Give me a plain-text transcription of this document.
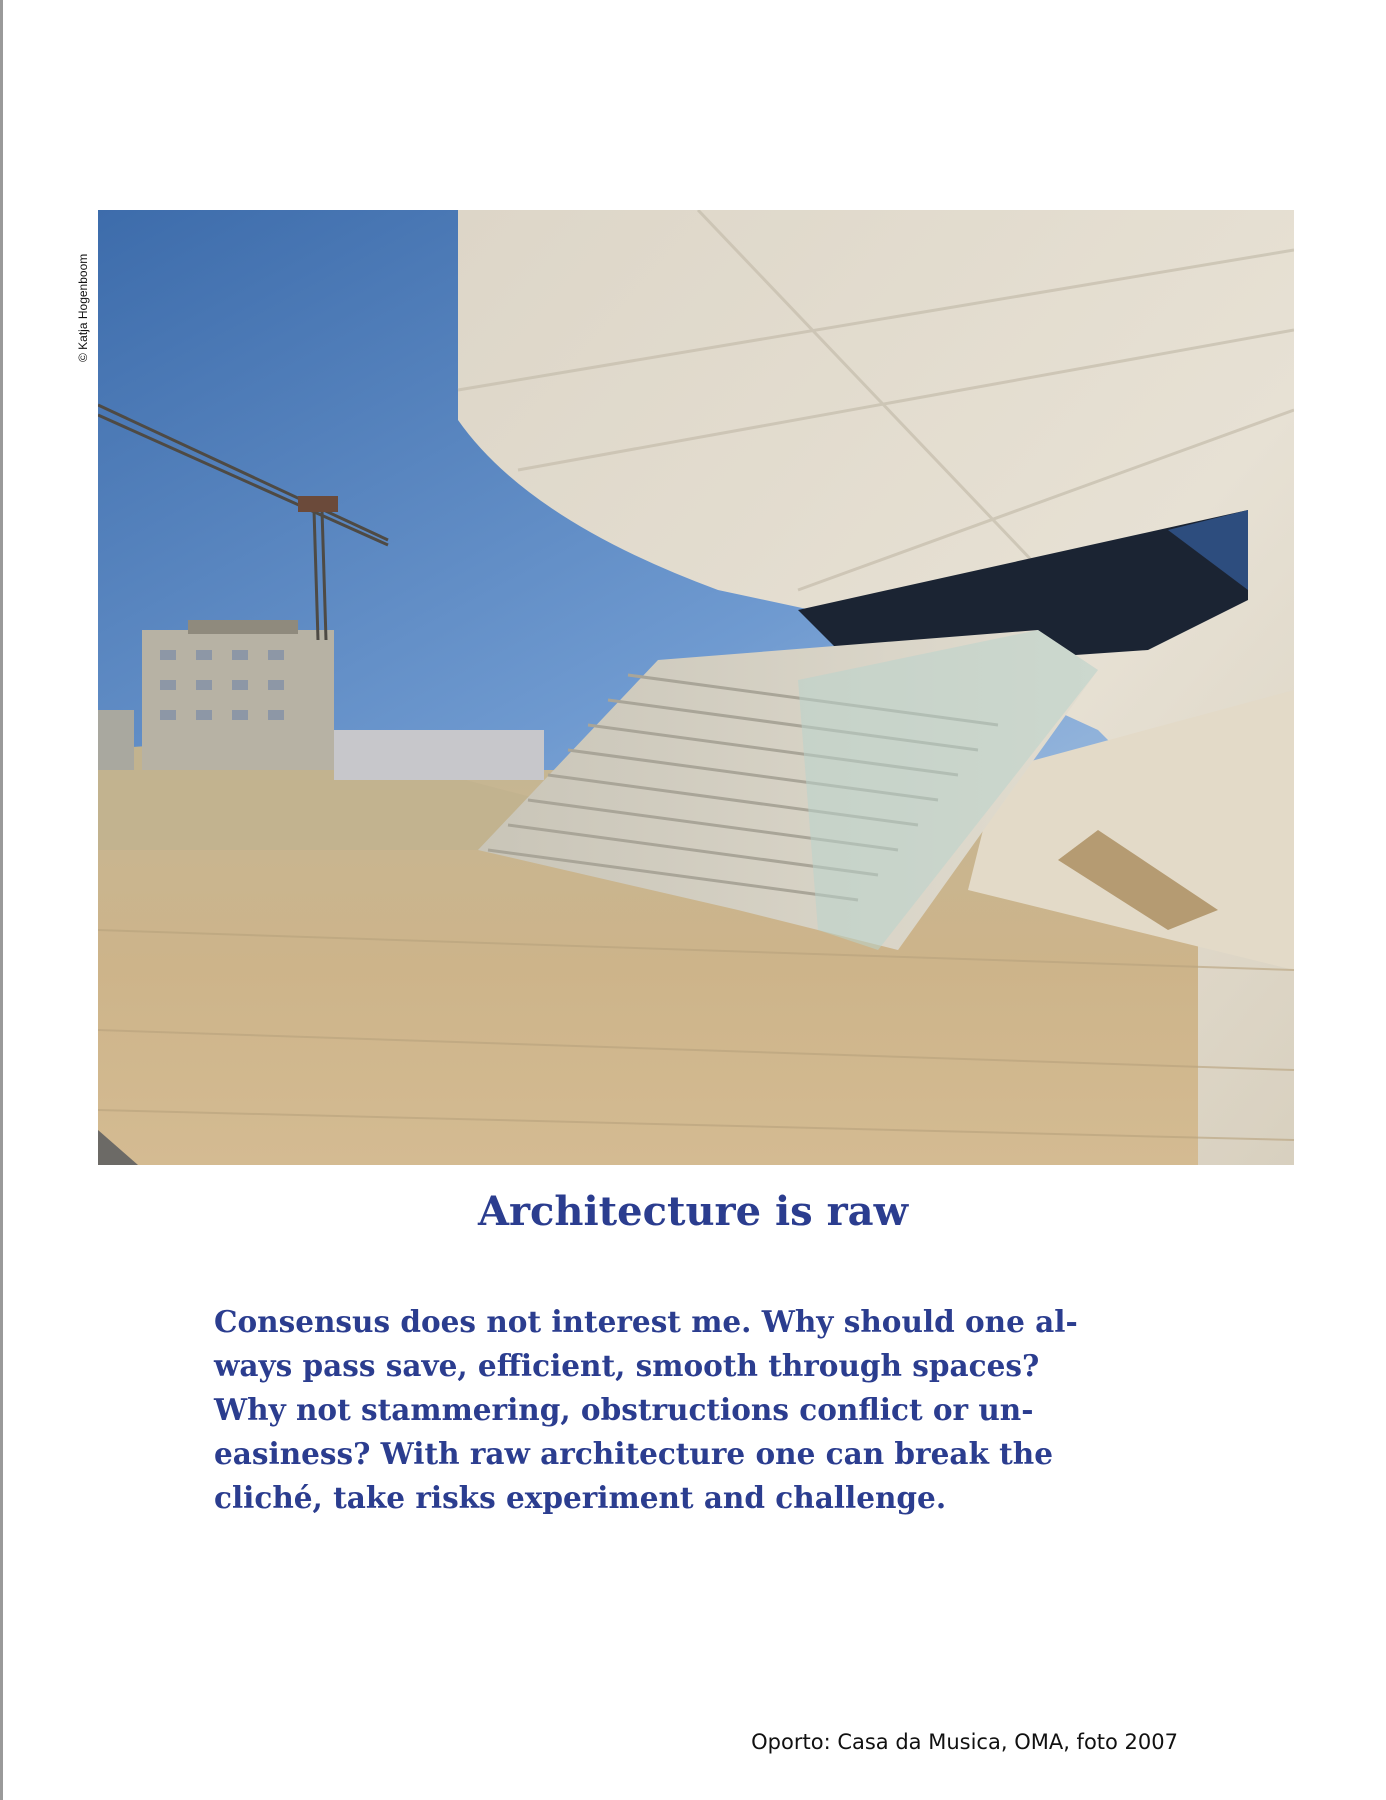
© Katja Hogenboom
Architecture is raw

Consensus does not interest me. Why should one al-
ways pass save, efficient, smooth through spaces?
Why not stammering, obstructions conflict or un-
easiness? With raw architecture one can break the
cliché, take risks experiment and challenge.

Oporto: Casa da Musica, OMA, foto 2007
